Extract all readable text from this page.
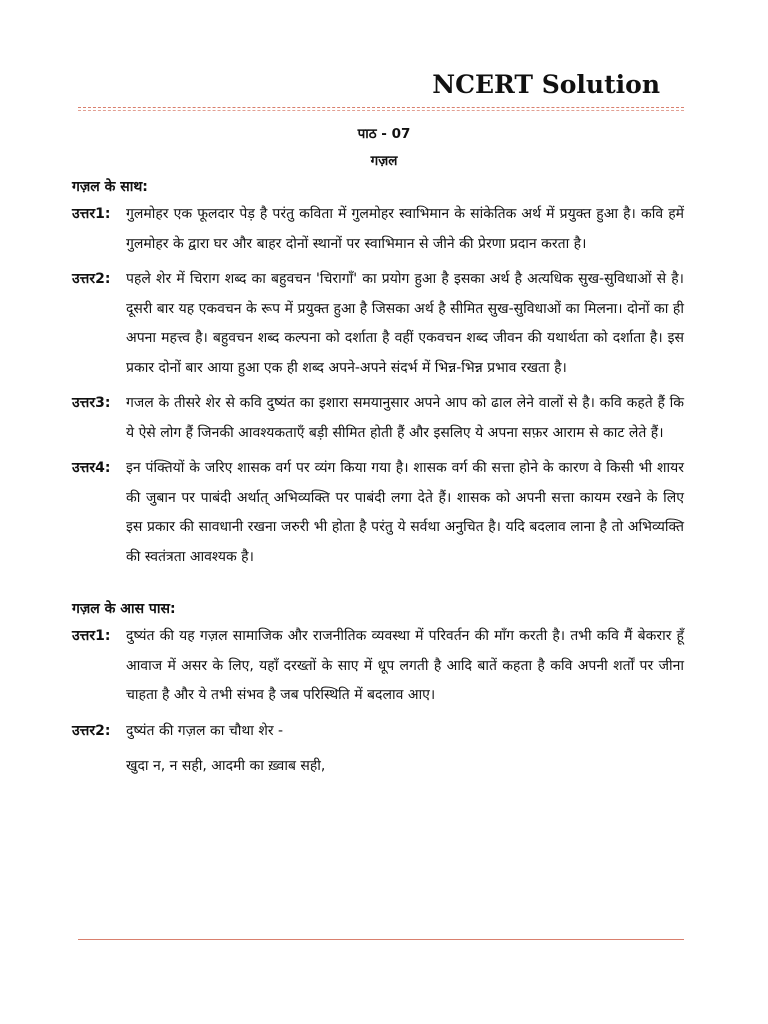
NCERT Solution
पाठ - 07
गज़ल
गज़ल के साथ:
उत्तर1:	गुलमोहर एक फूलदार पेड़ है परंतु कविता में गुलमोहर स्वाभिमान के सांकेतिक अर्थ में प्रयुक्त हुआ है। कवि हमें गुलमोहर के द्वारा घर और बाहर दोनों स्थानों पर स्वाभिमान से जीने की प्रेरणा प्रदान करता है।
उत्तर2:	पहले शेर में चिराग शब्द का बहुवचन 'चिरागाँ' का प्रयोग हुआ है इसका अर्थ है अत्यधिक सुख-सुविधाओं से है। दूसरी बार यह एकवचन के रूप में प्रयुक्त हुआ है जिसका अर्थ है सीमित सुख-सुविधाओं का मिलना। दोनों का ही अपना महत्त्व है। बहुवचन शब्द कल्पना को दर्शाता है वहीं एकवचन शब्द जीवन की यथार्थता को दर्शाता है। इस प्रकार दोनों बार आया हुआ एक ही शब्द अपने-अपने संदर्भ में भिन्न-भिन्न प्रभाव रखता है।
उत्तर3:	गजल के तीसरे शेर से कवि दुष्यंत का इशारा समयानुसार अपने आप को ढाल लेने वालों से है। कवि कहते हैं कि ये ऐसे लोग हैं जिनकी आवश्यकताएँ बड़ी सीमित होती हैं और इसलिए ये अपना सफ़र आराम से काट लेते हैं।
उत्तर4:	इन पंक्तियों के जरिए शासक वर्ग पर व्यंग किया गया है। शासक वर्ग की सत्ता होने के कारण वे किसी भी शायर की जुबान पर पाबंदी अर्थात् अभिव्यक्ति पर पाबंदी लगा देते हैं। शासक को अपनी सत्ता कायम रखने के लिए इस प्रकार की सावधानी रखना जरुरी भी होता है परंतु ये सर्वथा अनुचित है। यदि बदलाव लाना है तो अभिव्यक्ति की स्वतंत्रता आवश्यक है।
गज़ल के आस पास:
उत्तर1:	दुष्यंत की यह गज़ल सामाजिक और राजनीतिक व्यवस्था में परिवर्तन की माँग करती है। तभी कवि मैं बेकरार हूँ आवाज में असर के लिए, यहाँ दरख्तों के साए में धूप लगती है आदि बातें कहता है कवि अपनी शर्तों पर जीना चाहता है और ये तभी संभव है जब परिस्थिति में बदलाव आए।
उत्तर2:	दुष्यंत की गज़ल का चौथा शेर -
खुदा न, न सही, आदमी का ख़्वाब सही,
